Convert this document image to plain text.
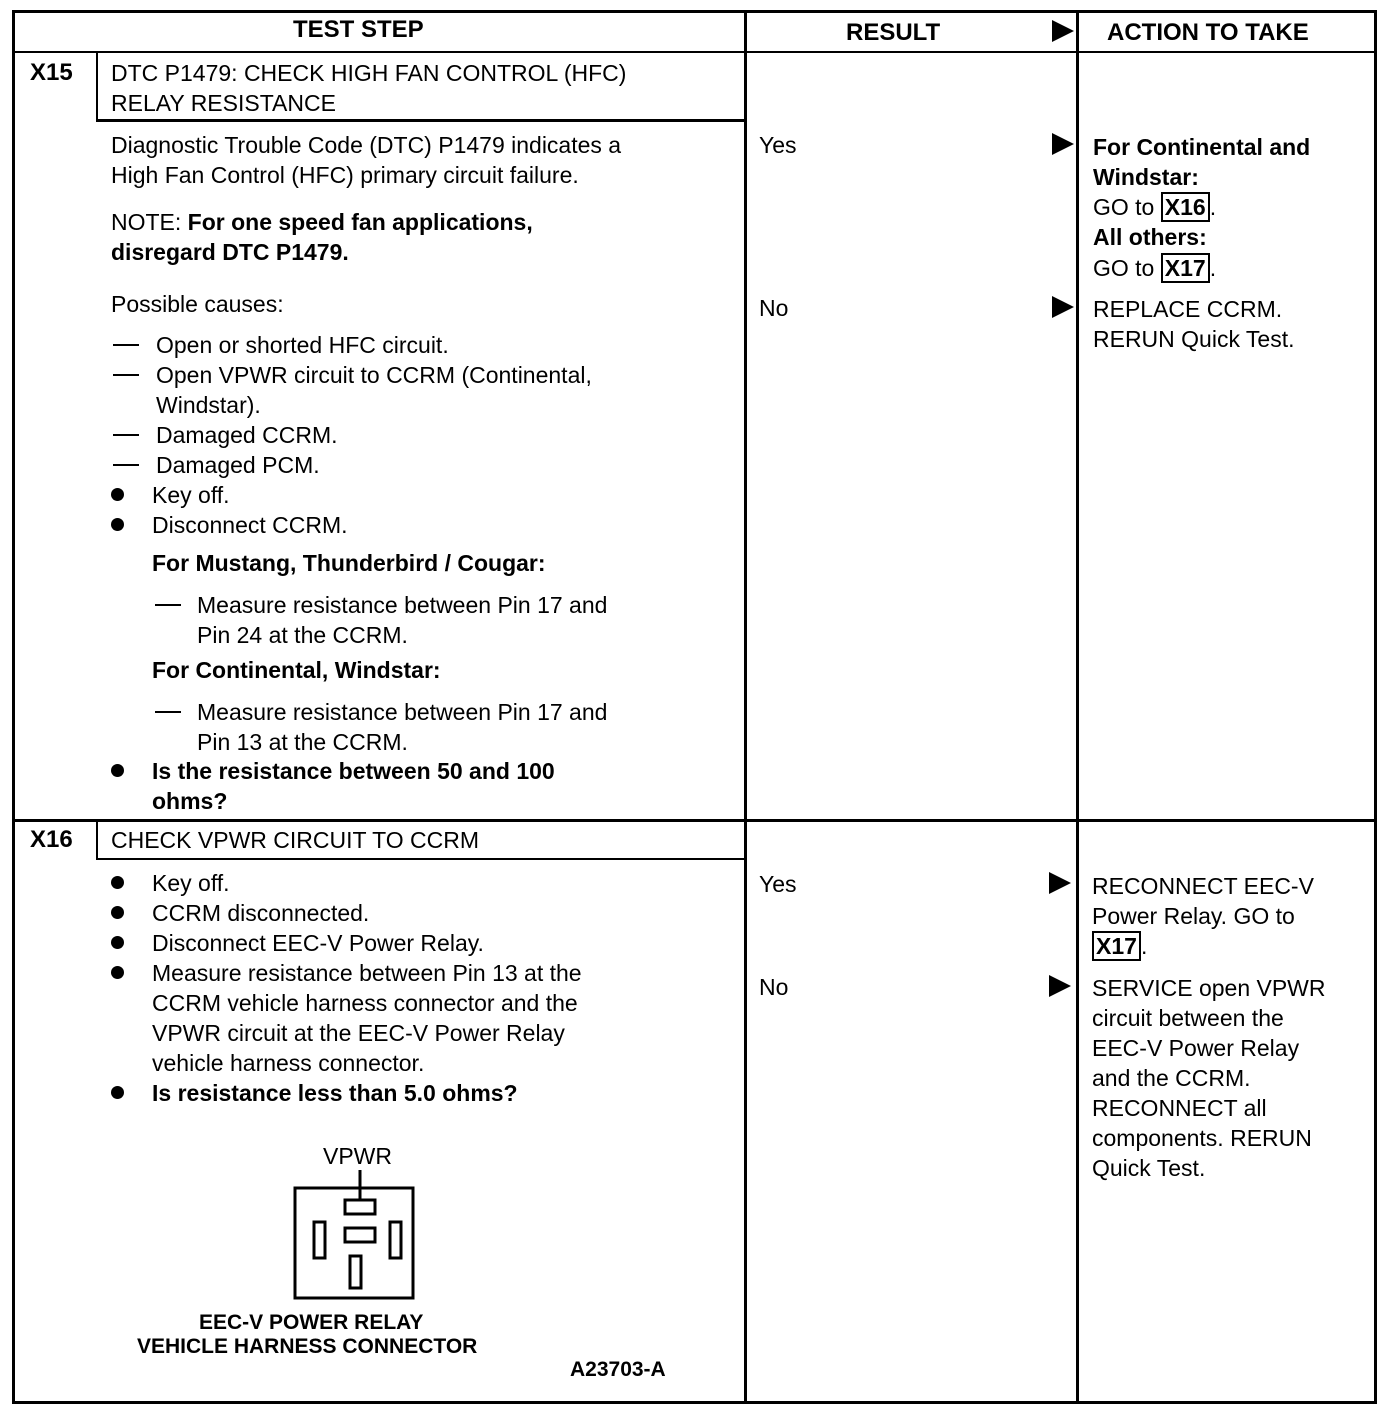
TEST STEP	RESULT	ACTION TO TAKE
X15 DTC P1479: CHECK HIGH FAN CONTROL (HFC)
RELAY RESISTANCE
Diagnostic Trouble Code (DTC) P1479 indicates a
High Fan Control (HFC) primary circuit failure.
NOTE: For one speed fan applications,
disregard DTC P1479.
Possible causes:
Open or shorted HFC circuit.
Open VPWR circuit to CCRM (Continental,
Windstar).
Damaged CCRM.
Damaged PCM.
Key off.
Disconnect CCRM.
For Mustang, Thunderbird / Cougar:
Measure resistance between Pin 17 and
Pin 24 at the CCRM.
For Continental, Windstar:
Measure resistance between Pin 17 and
Pin 13 at the CCRM.
Is the resistance between 50 and 100
ohms?
Yes
No
For Continental and
Windstar:
GO to X16 .
All others:
GO to X17 .
REPLACE CCRM.
RERUN Quick Test.
X16 CHECK VPWR CIRCUIT TO CCRM
Key off.
CCRM disconnected.
Disconnect EEC-V Power Relay.
Measure resistance between Pin 13 at the
CCRM vehicle harness connector and the
VPWR circuit at the EEC-V Power Relay
vehicle harness connector.
Is resistance less than 5.0 ohms?
VPWR
EEC-V POWER RELAY
VEHICLE HARNESS CONNECTOR
A23703-A
Yes
No
RECONNECT EEC-V
Power Relay. GO to
X17 .
SERVICE open VPWR
circuit between the
EEC-V Power Relay
and the CCRM.
RECONNECT all
components. RERUN
Quick Test.
